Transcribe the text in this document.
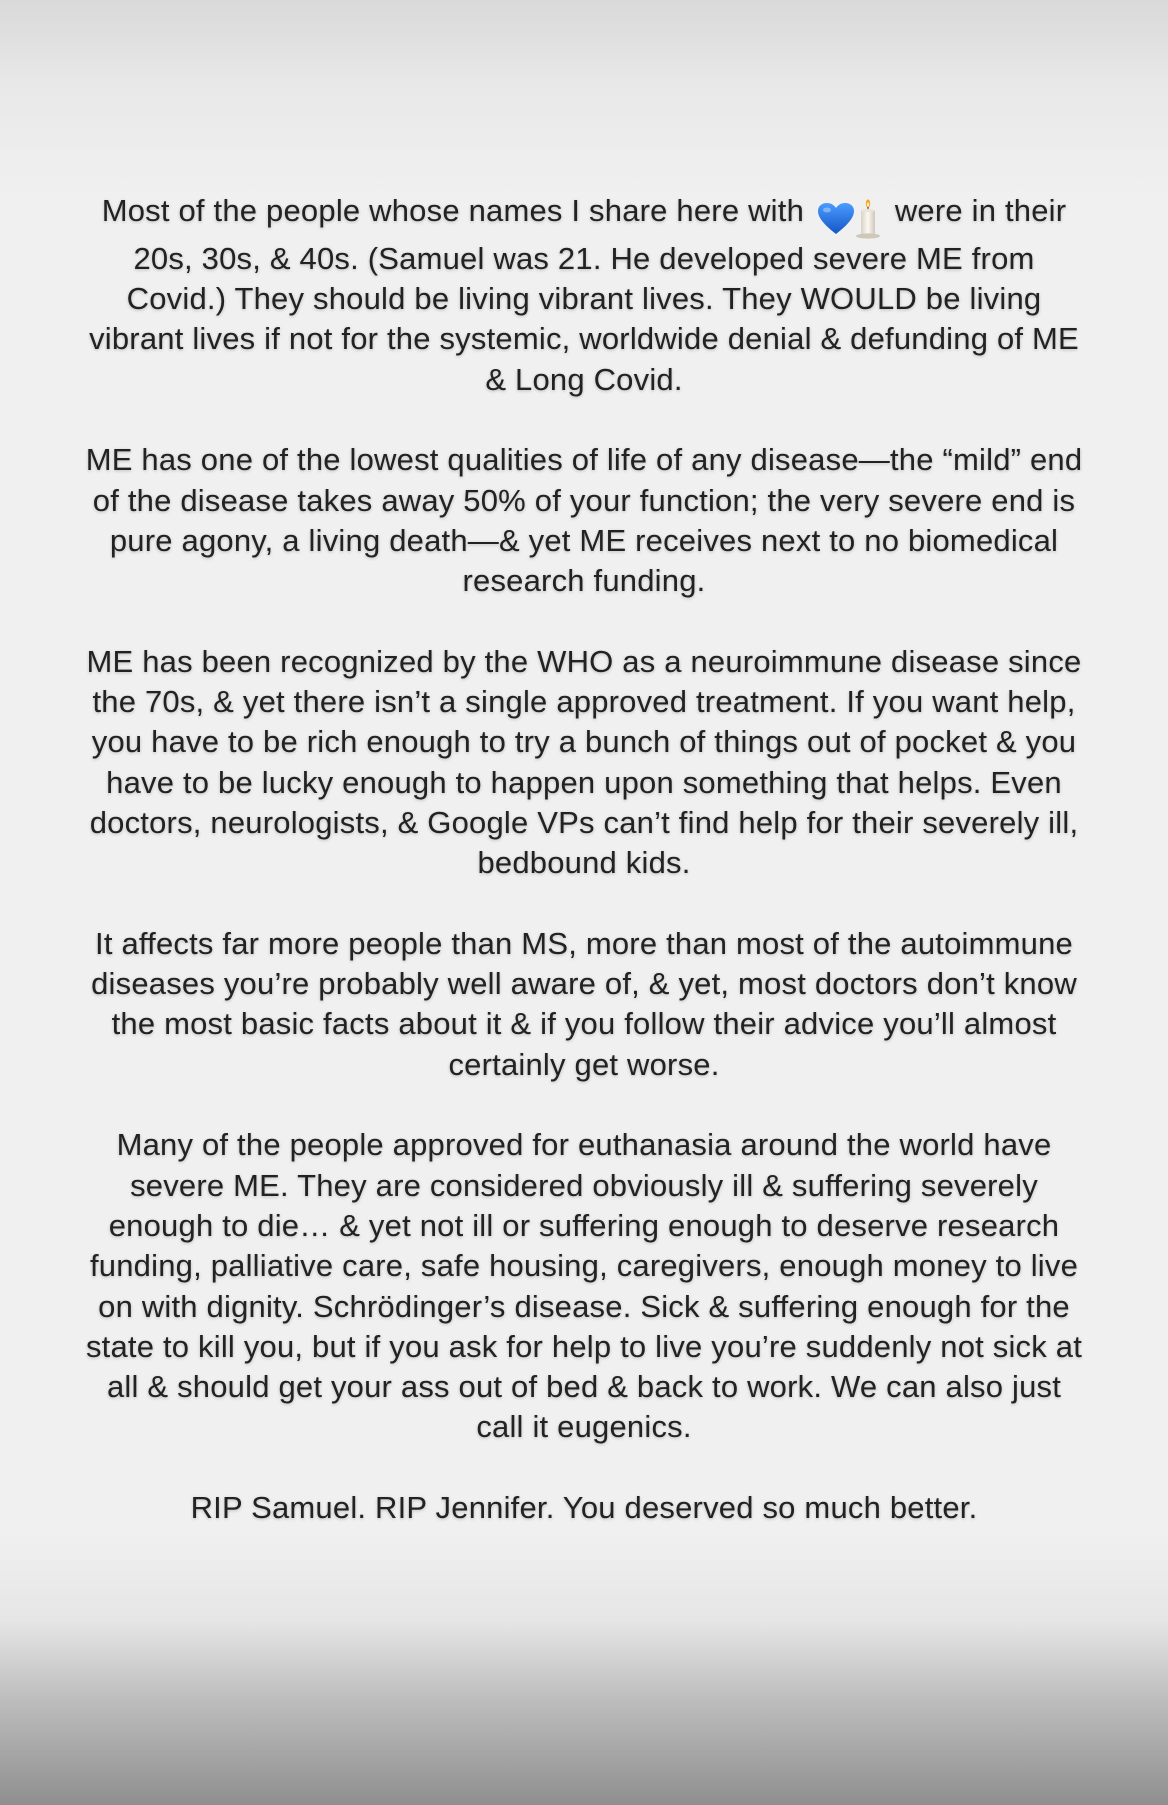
Most of the people whose names I share here with	were in their 20s, 30s, & 40s. (Samuel was 21. He developed severe ME from Covid.) They should be living vibrant lives. They WOULD be living vibrant lives if not for the systemic, worldwide denial & defunding of ME & Long Covid.

ME has one of the lowest qualities of life of any disease—the “mild” end of the disease takes away 50% of your function; the very severe end is pure agony, a living death—& yet ME receives next to no biomedical research funding.

ME has been recognized by the WHO as a neuroimmune disease since the 70s, & yet there isn’t a single approved treatment. If you want help, you have to be rich enough to try a bunch of things out of pocket & you have to be lucky enough to happen upon something that helps. Even doctors, neurologists, & Google VPs can’t find help for their severely ill, bedbound kids.

It affects far more people than MS, more than most of the autoimmune diseases you’re probably well aware of, & yet, most doctors don’t know the most basic facts about it & if you follow their advice you’ll almost certainly get worse.

Many of the people approved for euthanasia around the world have severe ME. They are considered obviously ill & suffering severely enough to die… & yet not ill or suffering enough to deserve research funding, palliative care, safe housing, caregivers, enough money to live on with dignity. Schrödinger’s disease. Sick & suffering enough for the state to kill you, but if you ask for help to live you’re suddenly not sick at all & should get your ass out of bed & back to work. We can also just call it eugenics.

RIP Samuel. RIP Jennifer. You deserved so much better.
